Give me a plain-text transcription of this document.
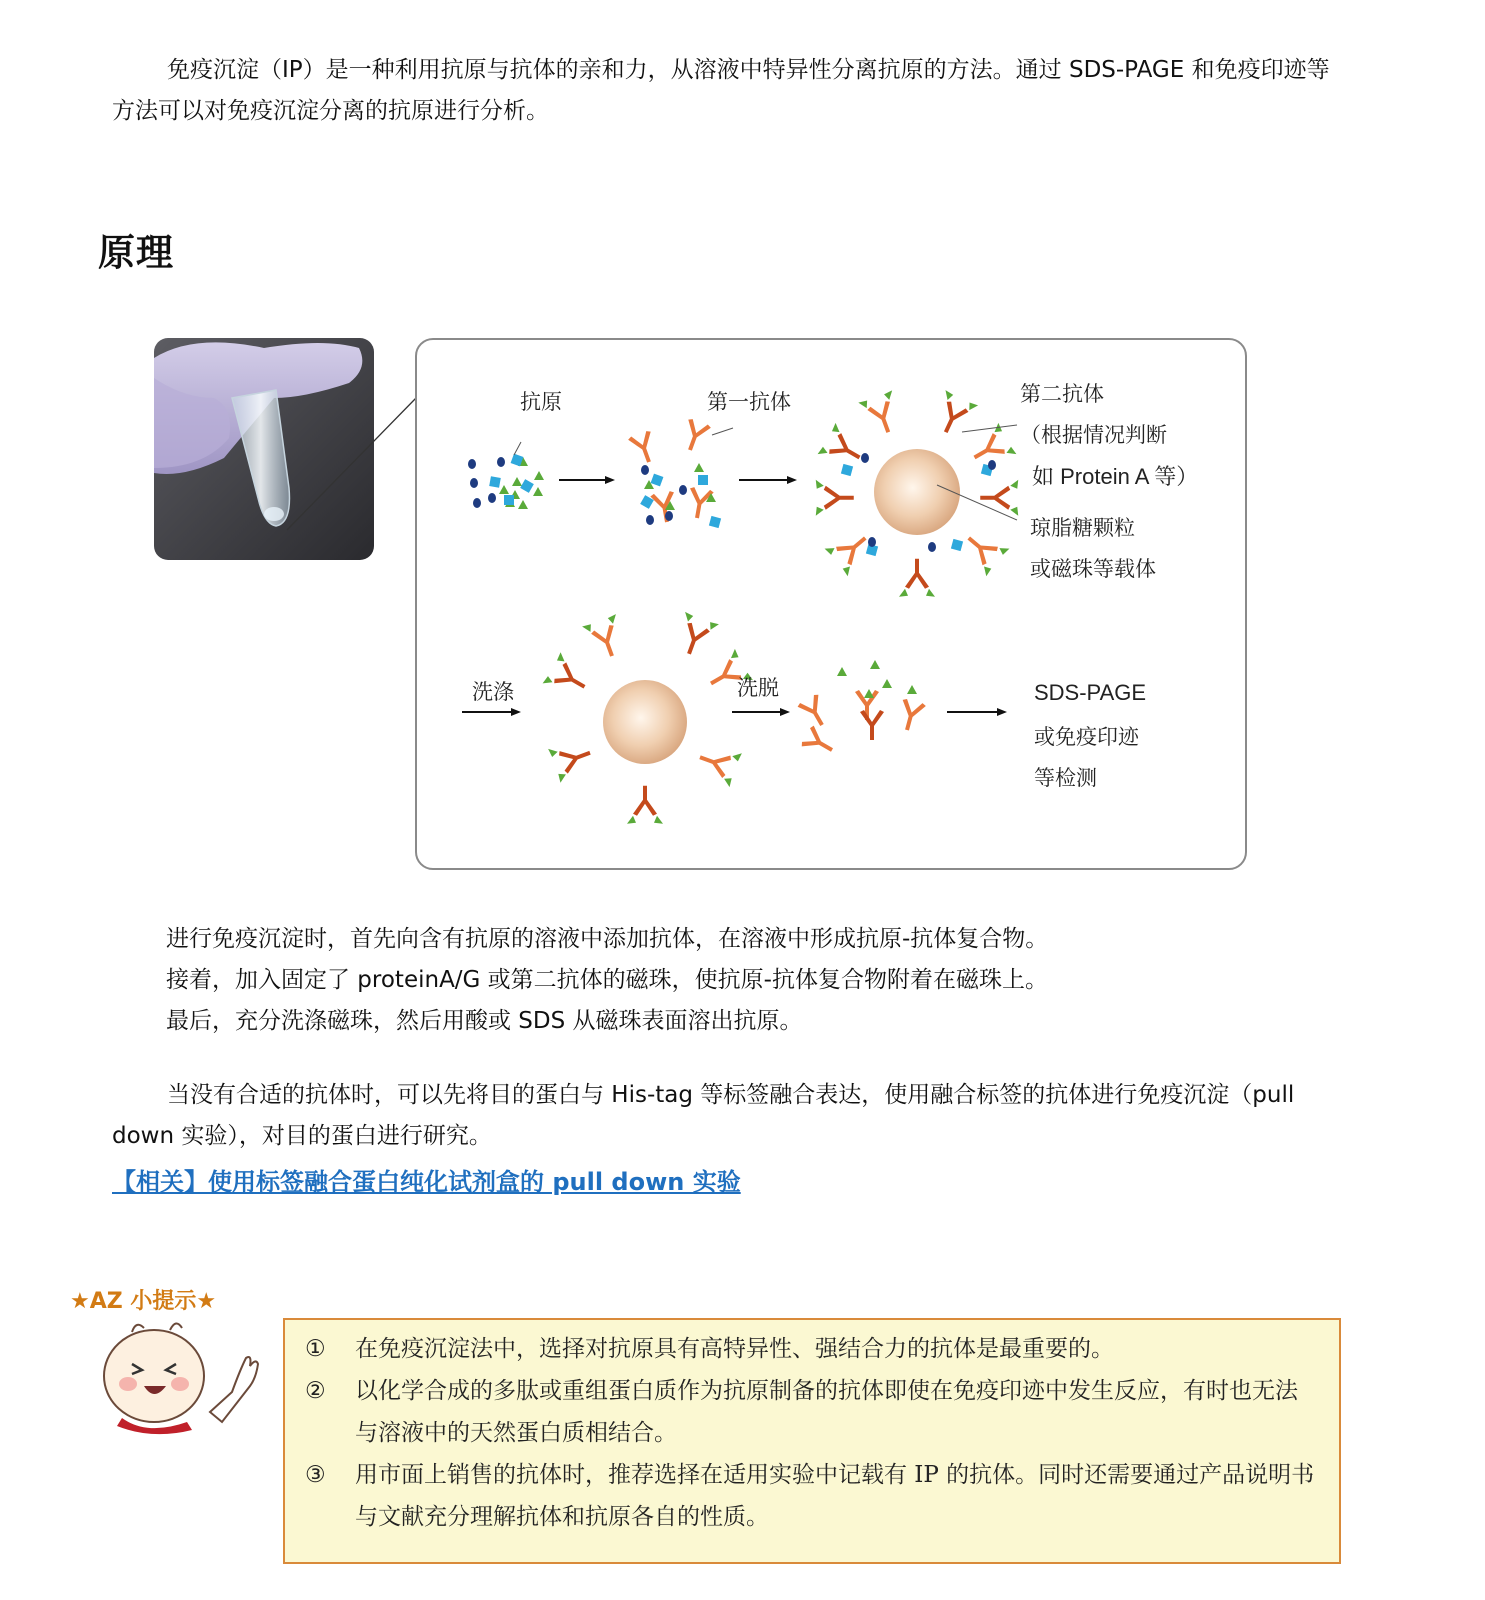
免疫沉淀（IP）是一种利用抗原与抗体的亲和力，从溶液中特异性分离抗原的方法。通过 SDS-PAGE 和免疫印迹等方法可以对免疫沉淀分离的抗原进行分析。

原理
抗原	第一抗体	第二抗体
（根据情况判断
如 Protein A 等）
琼脂糖颗粒
或磁珠等载体
洗涤	洗脱	SDS-PAGE
或免疫印迹
等检测
进行免疫沉淀时，首先向含有抗原的溶液中添加抗体，在溶液中形成抗原-抗体复合物。
接着，加入固定了 proteinA/G 或第二抗体的磁珠，使抗原-抗体复合物附着在磁珠上。
最后，充分洗涤磁珠，然后用酸或 SDS 从磁珠表面溶出抗原。

当没有合适的抗体时，可以先将目的蛋白与 His-tag 等标签融合表达，使用融合标签的抗体进行免疫沉淀（pull down 实验），对目的蛋白进行研究。

【相关】使用标签融合蛋白纯化试剂盒的 pull down 实验
★AZ 小提示★
① 在免疫沉淀法中，选择对抗原具有高特异性、强结合力的抗体是最重要的。
② 以化学合成的多肽或重组蛋白质作为抗原制备的抗体即使在免疫印迹中发生反应，有时也无法与溶液中的天然蛋白质相结合。
③ 用市面上销售的抗体时，推荐选择在适用实验中记载有 IP 的抗体。同时还需要通过产品说明书与文献充分理解抗体和抗原各自的性质。
